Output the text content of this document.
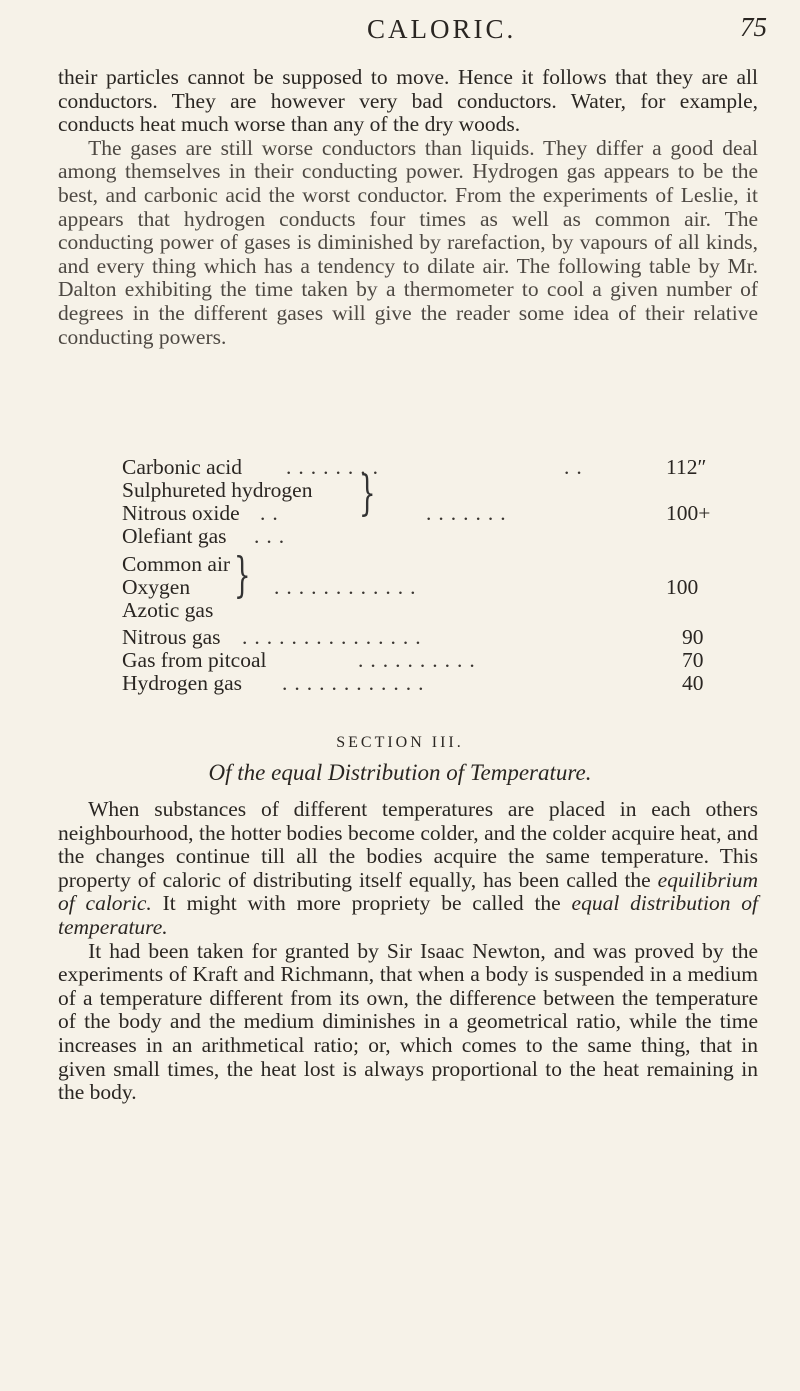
CALORIC.	75

their particles cannot be supposed to move. Hence it follows that they are all conductors. They are however very bad conductors. Water, for example, conducts heat much worse than any of the dry woods.

The gases are still worse conductors than liquids. They differ a good deal among themselves in their conducting power. Hydrogen gas appears to be the best, and carbonic acid the worst conductor. From the experiments of Leslie, it appears that hydrogen conducts four times as well as common air. The conducting power of gases is diminished by rarefaction, by vapours of all kinds, and every thing which has a tendency to dilate air. The following table by Mr. Dalton exhibiting the time taken by a thermometer to cool a given number of degrees in the different gases will give the reader some idea of their relative conducting powers.

Carbonic acid ........	..	112″
Sulphureted hydrogen
Nitrous oxide ..	.......	100+
Olefiant gas ...
}
Common air
Oxygen	............	100
Azotic gas
}
Nitrous gas ...............	90
Gas from pitcoal	..........	70
Hydrogen gas ............	40
SECTION III.
Of the equal Distribution of Temperature.

When substances of different temperatures are placed in each others neighbourhood, the hotter bodies become colder, and the colder acquire heat, and the changes continue till all the bodies acquire the same temperature. This property of caloric of distributing itself equally, has been called the equilibrium of caloric. It might with more propriety be called the equal distribution of temperature.

It had been taken for granted by Sir Isaac Newton, and was proved by the experiments of Kraft and Richmann, that when a body is suspended in a medium of a temperature different from its own, the difference between the temperature of the body and the medium diminishes in a geometrical ratio, while the time increases in an arithmetical ratio; or, which comes to the same thing, that in given small times, the heat lost is always proportional to the heat remaining in the body.
